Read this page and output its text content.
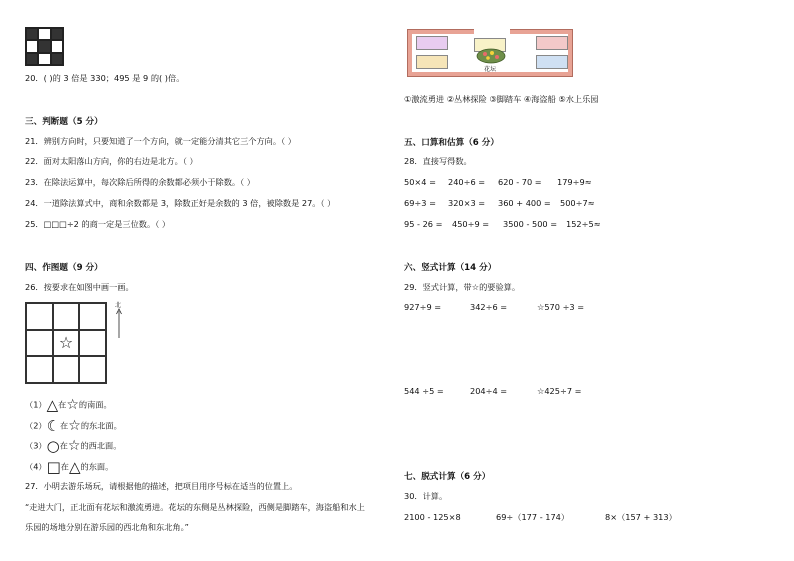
20．( )的 3 倍是 330；495 是 9 的( )倍。
三、判断题（5 分）
21．辨别方向时，只要知道了一个方向，就一定能分清其它三个方向。（ ）
22．面对太阳落山方向，你的右边是北方。（ ）
23．在除法运算中，每次除后所得的余数都必须小于除数。（ ）
24．一道除法算式中，商和余数都是 3，除数正好是余数的 3 倍，被除数是 27。（ ）
25．□□□÷2 的商一定是三位数。（ ）
四、作图题（9 分）
26．按要求在如图中画一画。
☆
北
（1）△在☆的南面。
（2）☾在☆的东北面。
（3）○在☆的西北面。
（4）□在△的东面。
27．小明去游乐场玩，请根据他的描述，把项目用序号标在适当的位置上。
“走进大门，正北面有花坛和激流勇进。花坛的东侧是丛林探险，西侧是脚踏车，海盗船和水上
乐园的场地分别在游乐园的西北角和东北角。”
花坛
①激流勇进 ②丛林探险 ③脚踏车 ④海盗船 ⑤水上乐园
五、口算和估算（6 分）
28．直接写得数。
50×4 = 240÷6 = 620 - 70 = 179÷9≈
69÷3 = 320×3 = 360 + 400 = 500÷7≈
95 - 26 = 450÷9 = 3500 - 500 = 152÷5≈
六、竖式计算（14 分）
29．竖式计算，带☆的要验算。
927÷9 =	342÷6 =	☆570 ÷3 =
544 ÷5 =	204÷4 =	☆425÷7 =
七、脱式计算（6 分）
30．计算。
2100 - 125×8	69÷（177 - 174）	8×（157 + 313）
